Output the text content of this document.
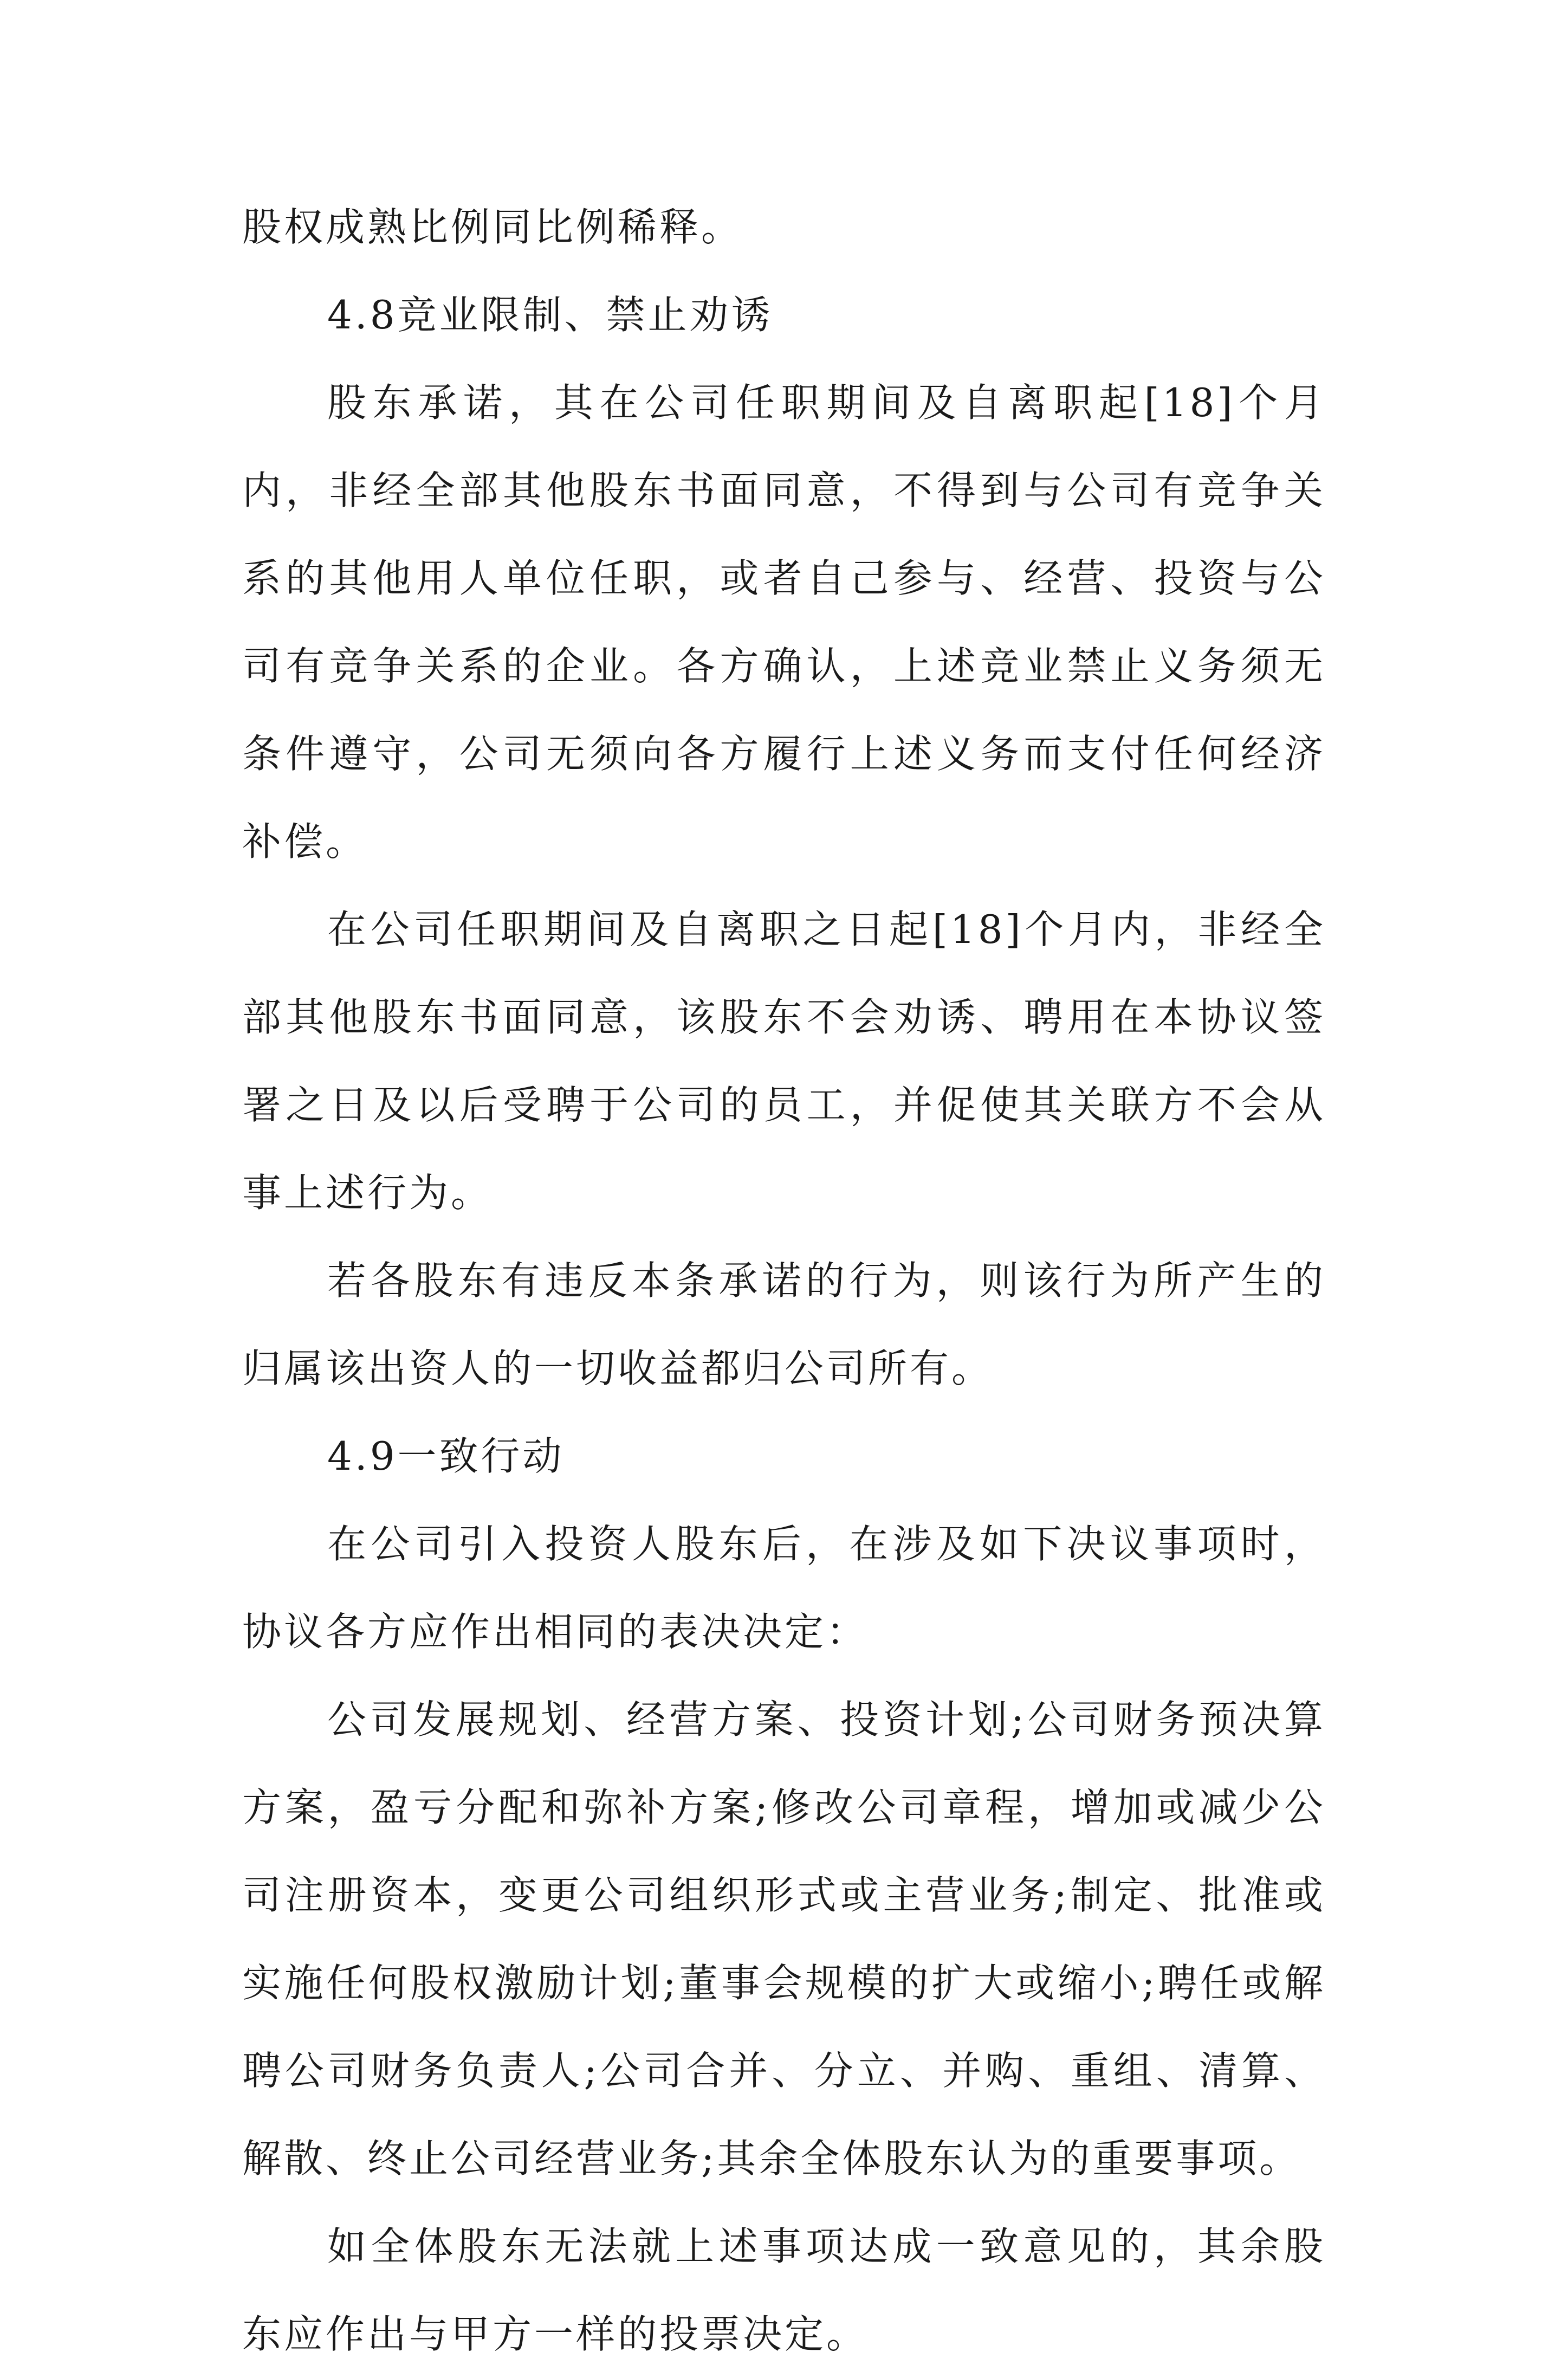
股权成熟比例同比例稀释。

4.8竞业限制、禁止劝诱

股东承诺，其在公司任职期间及自离职起[18]个月内，非经全部其他股东书面同意，不得到与公司有竞争关系的其他用人单位任职，或者自己参与、经营、投资与公司有竞争关系的企业。各方确认，上述竞业禁止义务须无条件遵守，公司无须向各方履行上述义务而支付任何经济补偿。

在公司任职期间及自离职之日起[18]个月内，非经全部其他股东书面同意，该股东不会劝诱、聘用在本协议签署之日及以后受聘于公司的员工，并促使其关联方不会从事上述行为。

若各股东有违反本条承诺的行为，则该行为所产生的归属该出资人的一切收益都归公司所有。

4.9一致行动

在公司引入投资人股东后，在涉及如下决议事项时，协议各方应作出相同的表决决定：

公司发展规划、经营方案、投资计划;公司财务预决算方案，盈亏分配和弥补方案;修改公司章程，增加或减少公司注册资本，变更公司组织形式或主营业务;制定、批准或实施任何股权激励计划;董事会规模的扩大或缩小;聘任或解聘公司财务负责人;公司合并、分立、并购、重组、清算、解散、终止公司经营业务;其余全体股东认为的重要事项。

如全体股东无法就上述事项达成一致意见的，其余股东应作出与甲方一样的投票决定。
